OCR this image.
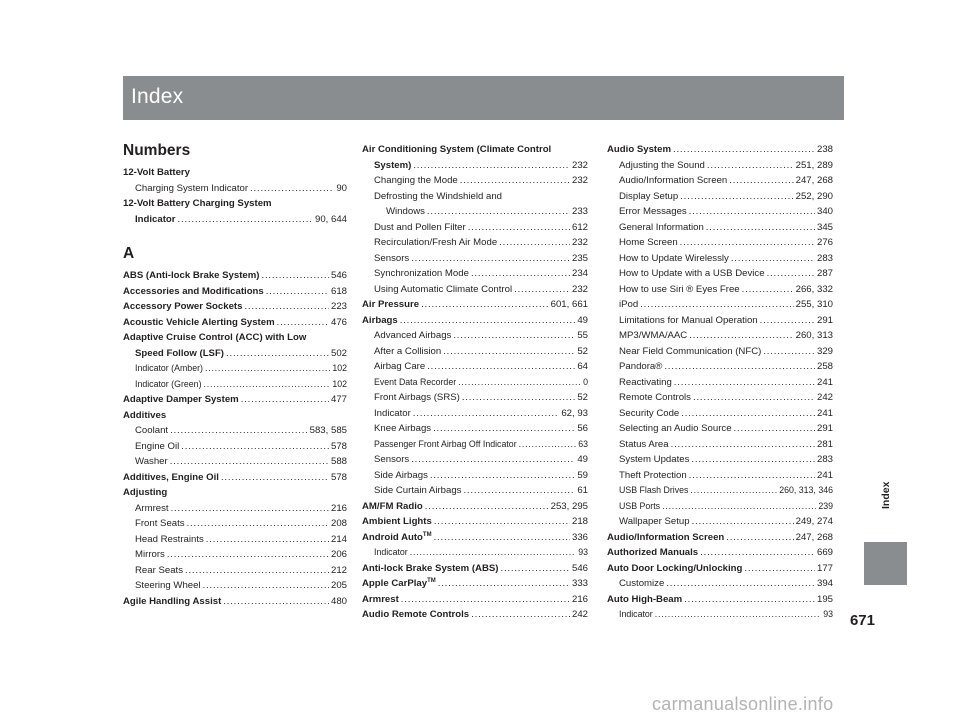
Index
Index
671
carmanualsonline.info
Numbers
12-Volt Battery
Charging System Indicator .....	90
12-Volt Battery Charging System
Indicator .....	90, 644
A
ABS (Anti-lock Brake System) .....	546
Accessories and Modifications .....	618
Accessory Power Sockets .....	223
Acoustic Vehicle Alerting System .....	476
Adaptive Cruise Control (ACC) with Low
Speed Follow (LSF) .....	502
Indicator (Amber) .....	102
Indicator (Green) .....	102
Adaptive Damper System .....	477
Additives
Coolant .....	583, 585
Engine Oil .....	578
Washer .....	588
Additives, Engine Oil .....	578
Adjusting
Armrest .....	216
Front Seats .....	208
Head Restraints .....	214
Mirrors .....	206
Rear Seats .....	212
Steering Wheel .....	205
Agile Handling Assist .....	480
Air Conditioning System (Climate Control
System) .....	232
Changing the Mode .....	232
Defrosting the Windshield and
Windows .....	233
Dust and Pollen Filter .....	612
Recirculation/Fresh Air Mode .....	232
Sensors .....	235
Synchronization Mode .....	234
Using Automatic Climate Control .....	232
Air Pressure .....	601, 661
Airbags .....	49
Advanced Airbags .....	55
After a Collision .....	52
Airbag Care .....	64
Event Data Recorder .....	0
Front Airbags (SRS) .....	52
Indicator .....	62, 93
Knee Airbags .....	56
Passenger Front Airbag Off Indicator .....	63
Sensors .....	49
Side Airbags .....	59
Side Curtain Airbags .....	61
AM/FM Radio .....	253, 295
Ambient Lights .....	218
Android Auto™ .....	336
Indicator .....	93
Anti-lock Brake System (ABS) .....	546
Apple CarPlay™ .....	333
Armrest .....	216
Audio Remote Controls .....	242
Audio System .....	238
Adjusting the Sound .....	251, 289
Audio/Information Screen .....	247, 268
Display Setup .....	252, 290
Error Messages .....	340
General Information .....	345
Home Screen .....	276
How to Update Wirelessly .....	283
How to Update with a USB Device .....	287
How to use Siri ® Eyes Free .....	266, 332
iPod .....	255, 310
Limitations for Manual Operation .....	291
MP3/WMA/AAC .....	260, 313
Near Field Communication (NFC) .....	329
Pandora® .....	258
Reactivating .....	241
Remote Controls .....	242
Security Code .....	241
Selecting an Audio Source .....	291
Status Area .....	281
System Updates .....	283
Theft Protection .....	241
USB Flash Drives .....	260, 313, 346
USB Ports .....	239
Wallpaper Setup .....	249, 274
Audio/Information Screen .....	247, 268
Authorized Manuals .....	669
Auto Door Locking/Unlocking .....	177
Customize .....	394
Auto High-Beam .....	195
Indicator .....	93
